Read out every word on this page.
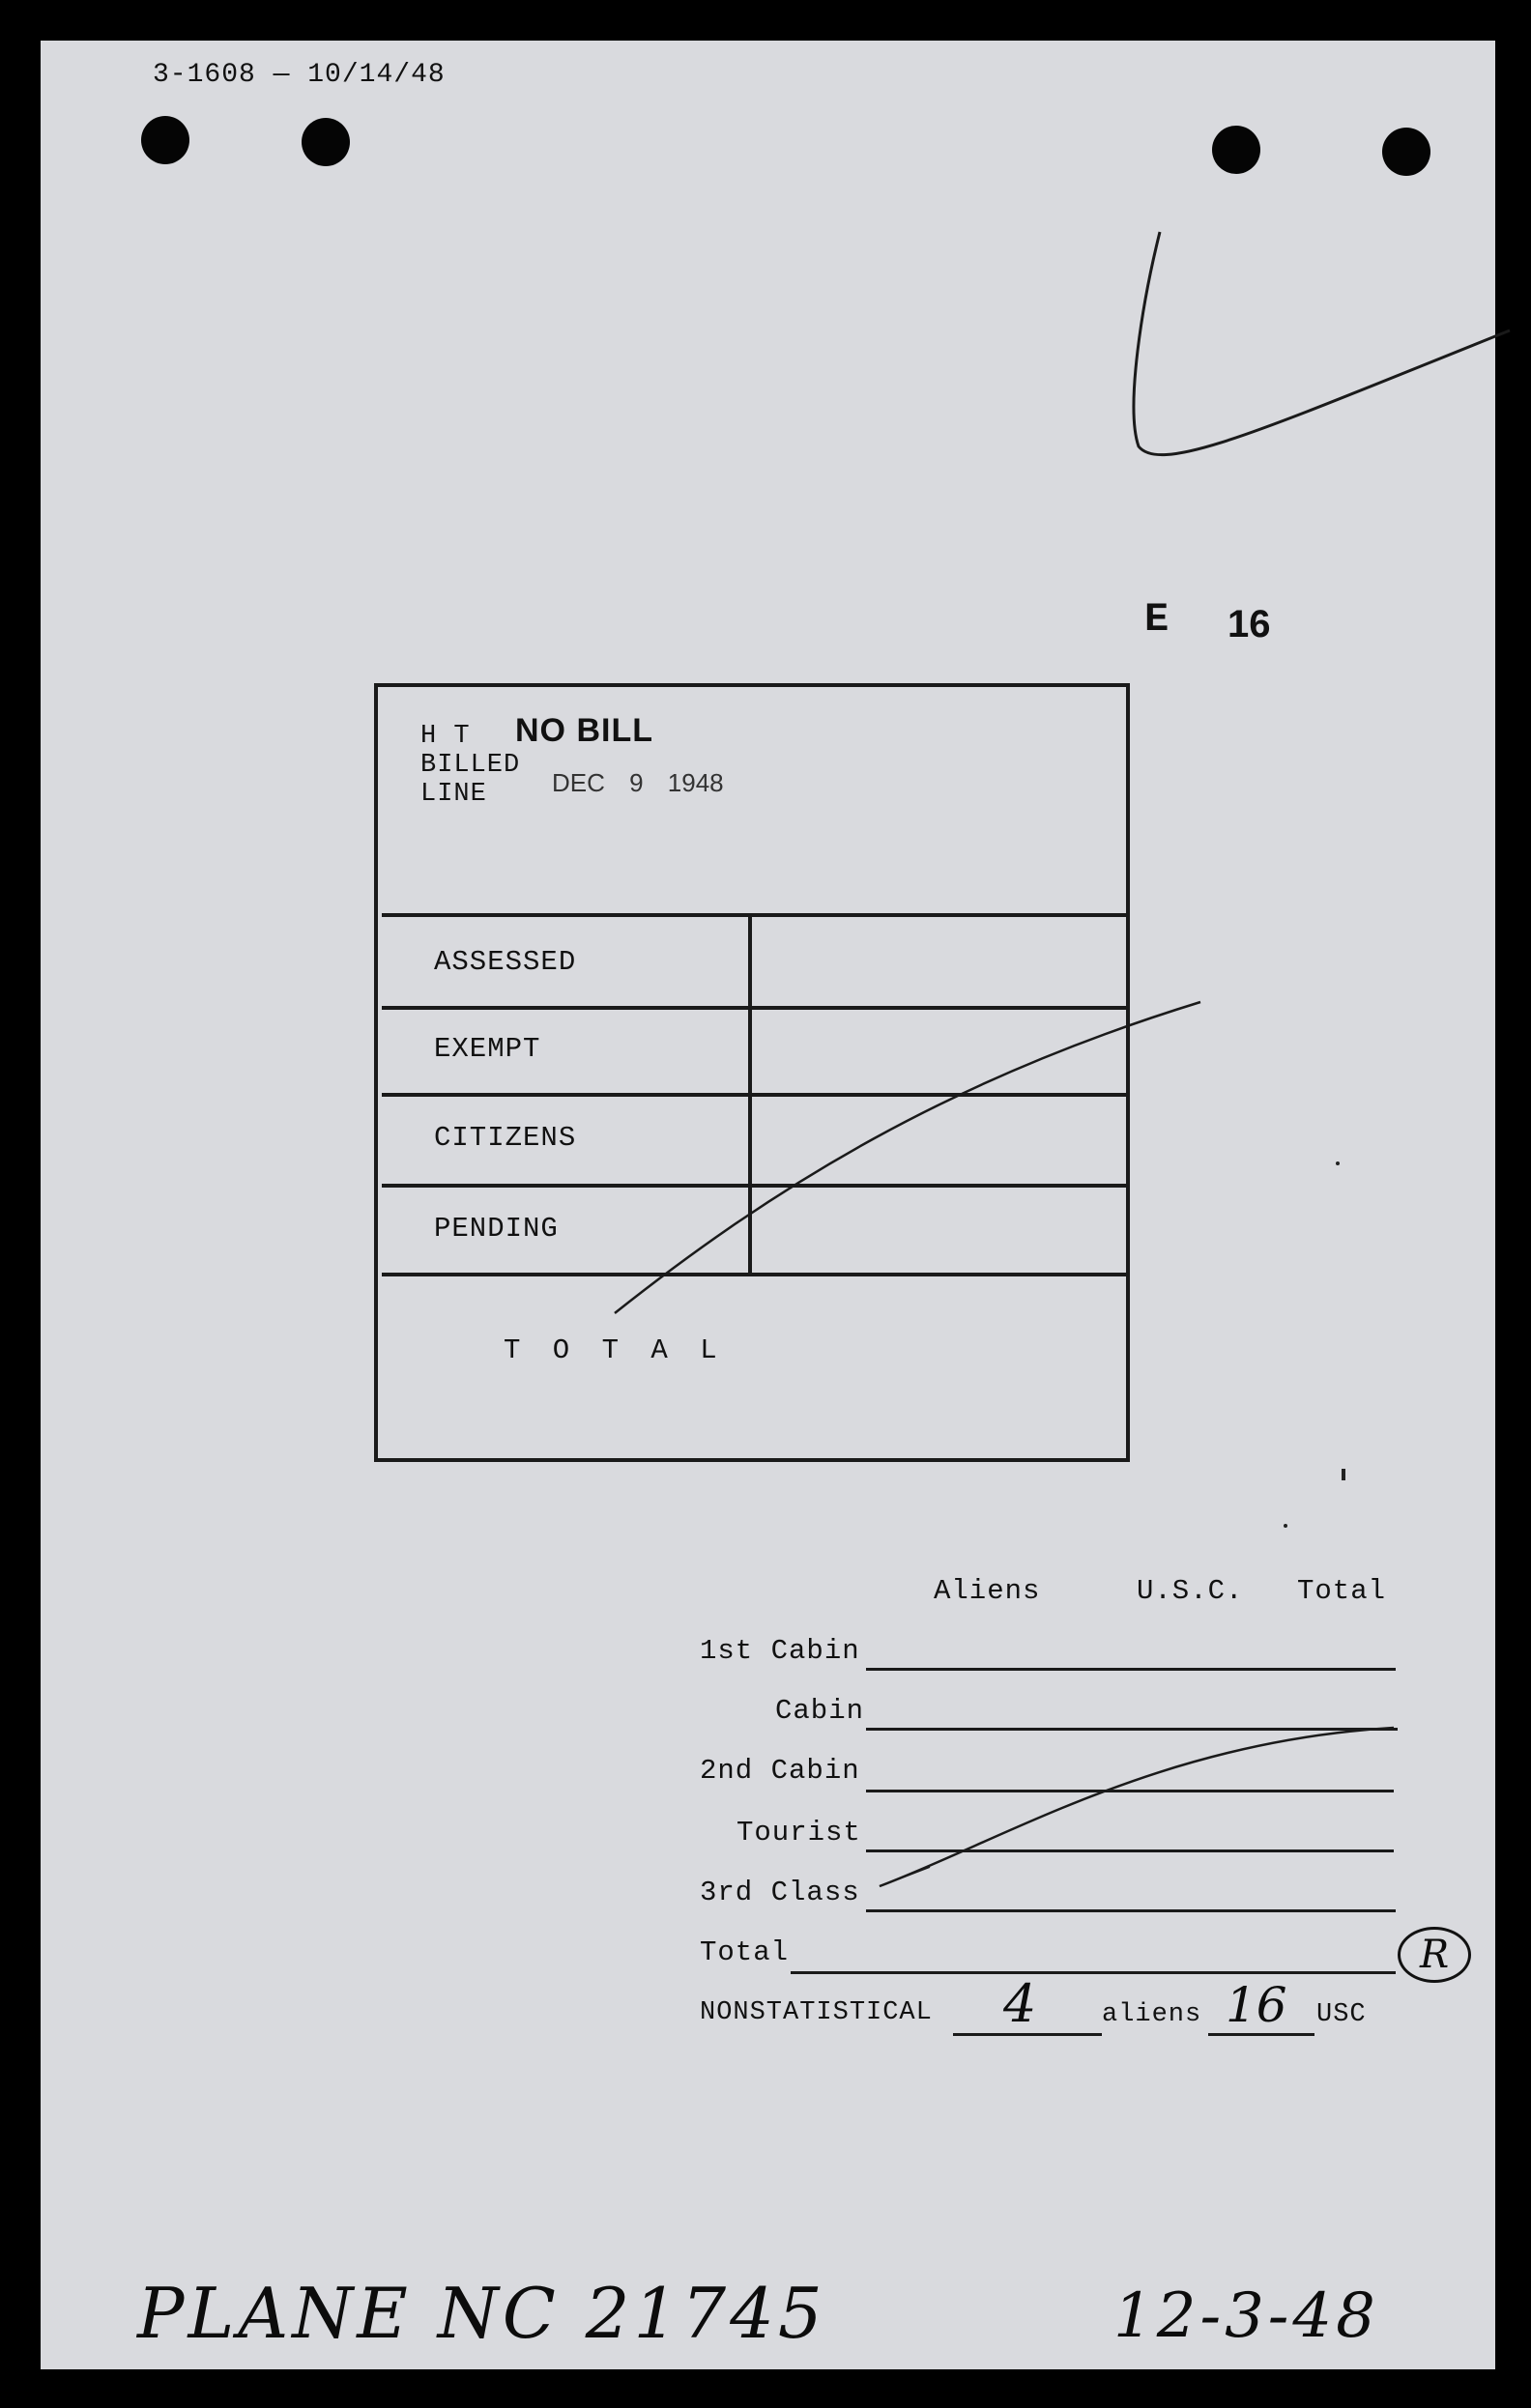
3-1608 — 10/14/48
E 16
H T
BILLED
LINE
NO BILL
DEC 9 1948
ASSESSED
EXEMPT
CITIZENS
PENDING
T O T A L
Aliens	U.S.C. Total
1st Cabin
Cabin
2nd Cabin
Tourist
3rd Class
Total	R
NONSTATISTICAL 4	aliens 16 USC
PLANE NC 21745	12-3-48
